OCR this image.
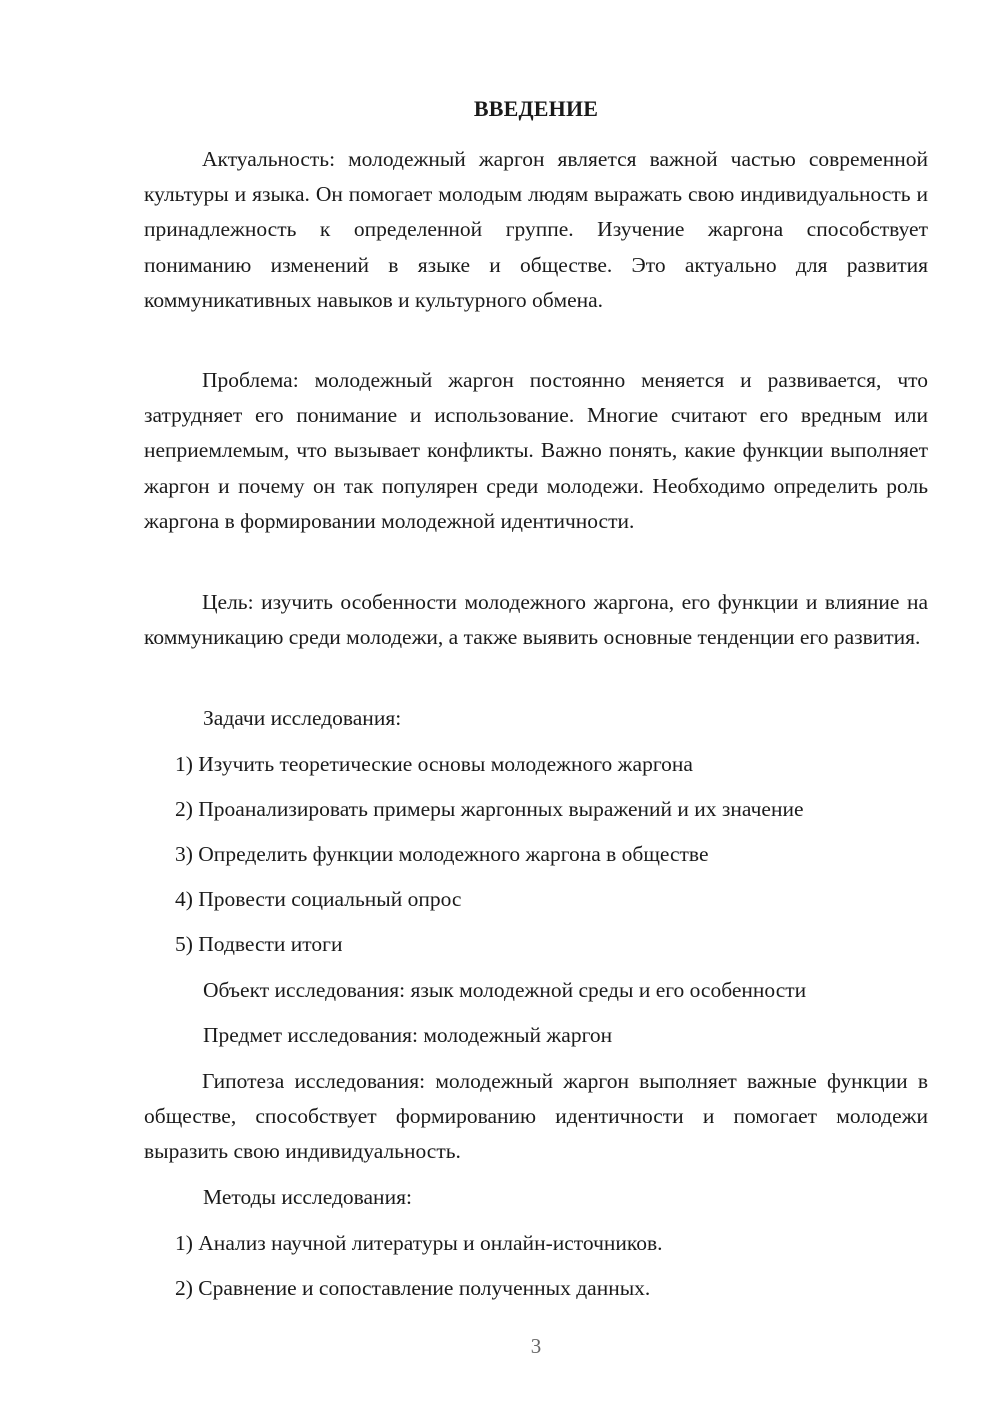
ВВЕДЕНИЕ

Актуальность: молодежный жаргон является важной частью современной культуры и языка. Он помогает молодым людям выражать свою индивидуальность и принадлежность к определенной группе. Изучение жаргона способствует пониманию изменений в языке и обществе. Это актуально для развития коммуникативных навыков и культурного обмена.

Проблема: молодежный жаргон постоянно меняется и развивается, что затрудняет его понимание и использование. Многие считают его вредным или неприемлемым, что вызывает конфликты. Важно понять, какие функции выполняет жаргон и почему он так популярен среди молодежи. Необходимо определить роль жаргона в формировании молодежной идентичности.

Цель: изучить особенности молодежного жаргона, его функции и влияние на коммуникацию среди молодежи, а также выявить основные тенденции его развития.

Задачи исследования:
1) Изучить теоретические основы молодежного жаргона
2) Проанализировать примеры жаргонных выражений и их значение
3) Определить функции молодежного жаргона в обществе
4) Провести социальный опрос
5) Подвести итоги
Объект исследования: язык молодежной среды и его особенности
Предмет исследования: молодежный жаргон

Гипотеза исследования: молодежный жаргон выполняет важные функции в обществе, способствует формированию идентичности и помогает молодежи выразить свою индивидуальность.

Методы исследования:
1) Анализ научной литературы и онлайн-источников.
2) Сравнение и сопоставление полученных данных.
3
